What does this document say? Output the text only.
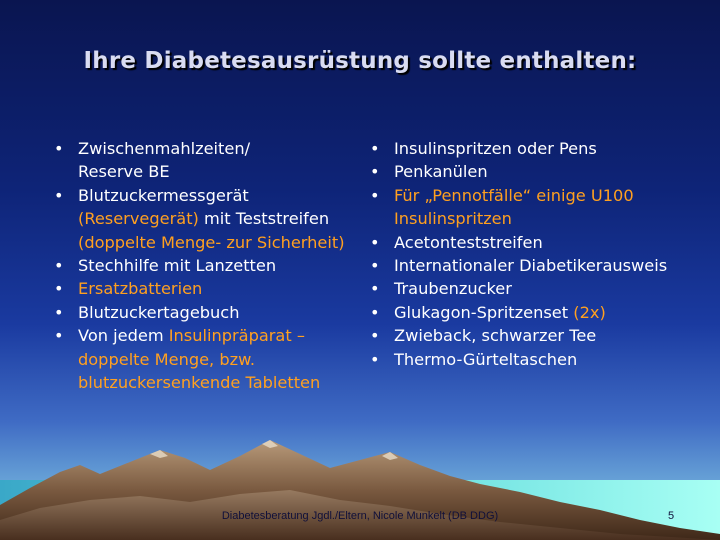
Ihre Diabetesausrüstung sollte enthalten:
• Zwischenmahlzeiten/
Reserve BE
• Blutzuckermessgerät (Reservegerät) mit Teststreifen (doppelte Menge- zur Sicherheit)
• Stechhilfe mit Lanzetten
• Ersatzbatterien
• Blutzuckertagebuch
• Von jedem Insulinpräparat – doppelte Menge, bzw. blutzuckersenkende Tabletten
• Insulinspritzen oder Pens
• Penkanülen
• Für „Pennotfälle“ einige U100 Insulinspritzen
• Acetonteststreifen
• Internationaler Diabetikerausweis
• Traubenzucker
• Glukagon-Spritzenset (2x)
• Zwieback, schwarzer Tee
• Thermo-Gürteltaschen
Diabetesberatung Jgdl./Eltern, Nicole Munkelt (DB DDG)	5
